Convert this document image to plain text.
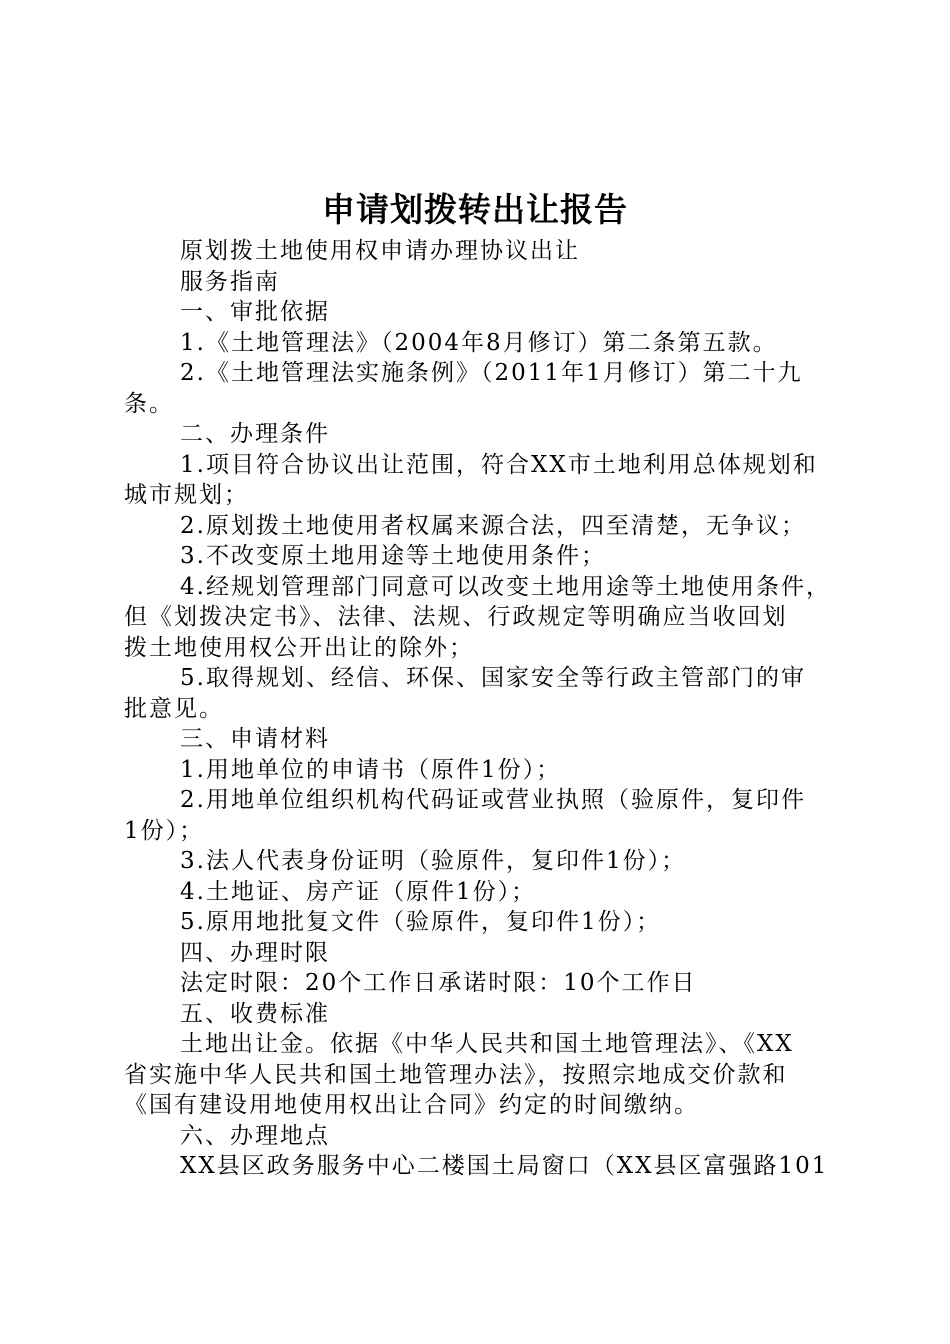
申请划拨转出让报告
原划拨土地使用权申请办理协议出让
服务指南
一、审批依据
1.《土地管理法》（2004年8月修订）第二条第五款。
2.《土地管理法实施条例》（2011年1月修订）第二十九
条。
二、办理条件
1.项目符合协议出让范围，符合XX市土地利用总体规划和
城市规划；
2.原划拨土地使用者权属来源合法，四至清楚，无争议；
3.不改变原土地用途等土地使用条件；
4.经规划管理部门同意可以改变土地用途等土地使用条件，
但《划拨决定书》、法律、法规、行政规定等明确应当收回划
拨土地使用权公开出让的除外；
5.取得规划、经信、环保、国家安全等行政主管部门的审
批意见。
三、申请材料
1.用地单位的申请书（原件1份）；
2.用地单位组织机构代码证或营业执照（验原件，复印件
1份）；
3.法人代表身份证明（验原件，复印件1份）；
4.土地证、房产证（原件1份）；
5.原用地批复文件（验原件，复印件1份）；
四、办理时限
法定时限：20个工作日承诺时限：10个工作日
五、收费标准
土地出让金。依据《中华人民共和国土地管理法》、《XX
省实施中华人民共和国土地管理办法》，按照宗地成交价款和
《国有建设用地使用权出让合同》约定的时间缴纳。
六、办理地点
XX县区政务服务中心二楼国土局窗口（XX县区富强路101
